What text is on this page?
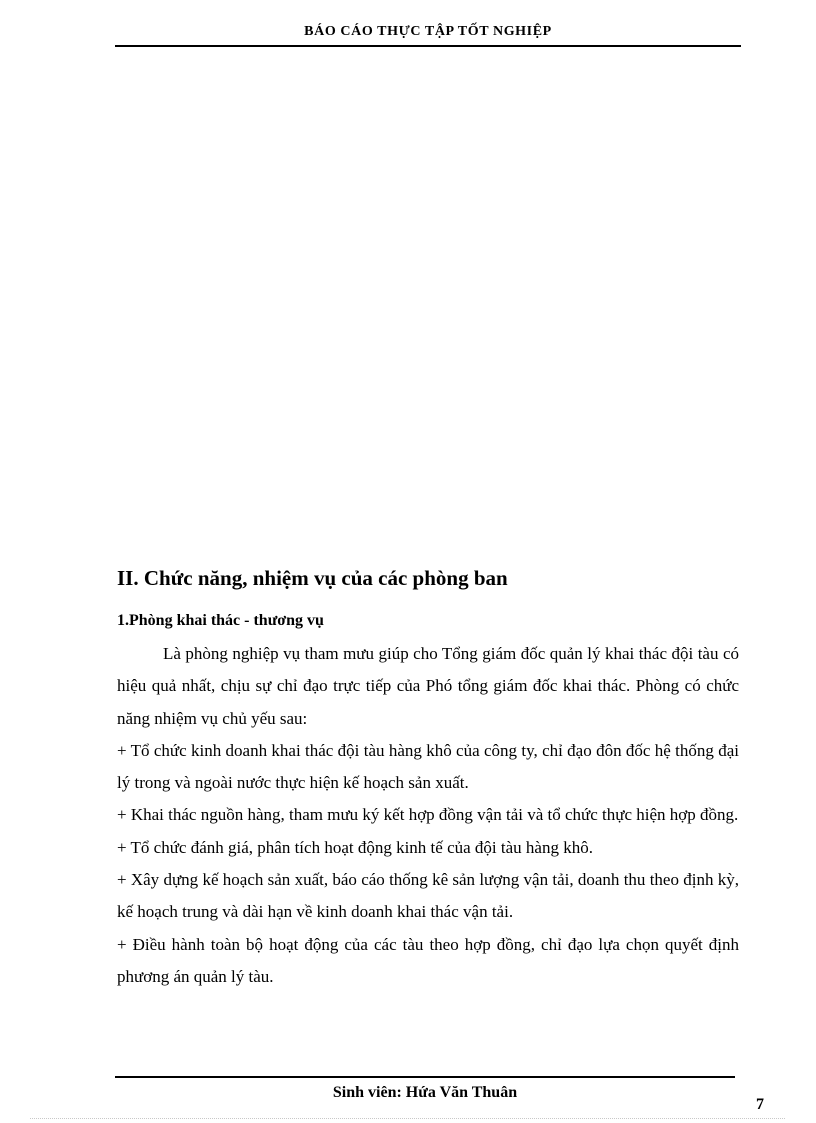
BÁO CÁO THỰC TẬP TỐT NGHIỆP
II. Chức năng, nhiệm vụ của các phòng ban
1.Phòng khai thác - thương vụ

Là phòng nghiệp vụ tham mưu giúp cho Tổng giám đốc quản lý khai thác đội tàu có hiệu quả nhất, chịu sự chỉ đạo trực tiếp của Phó tổng giám đốc khai thác. Phòng có chức năng nhiệm vụ chủ yếu sau:

+ Tổ chức kinh doanh khai thác đội tàu hàng khô của công ty, chỉ đạo đôn đốc hệ thống đại lý trong và ngoài nước thực hiện kế hoạch sản xuất.

+ Khai thác nguồn hàng, tham mưu ký kết hợp đồng vận tải và tổ chức thực hiện hợp đồng.

+ Tổ chức đánh giá, phân tích hoạt động kinh tế của đội tàu hàng khô.

+ Xây dựng kế hoạch sản xuất, báo cáo thống kê sản lượng vận tải, doanh thu theo định kỳ, kế hoạch trung và dài hạn về kinh doanh khai thác vận tải.

+ Điều hành toàn bộ hoạt động của các tàu theo hợp đồng, chỉ đạo lựa chọn quyết định phương án quản lý tàu.

Sinh viên: Hứa Văn Thuân
7
